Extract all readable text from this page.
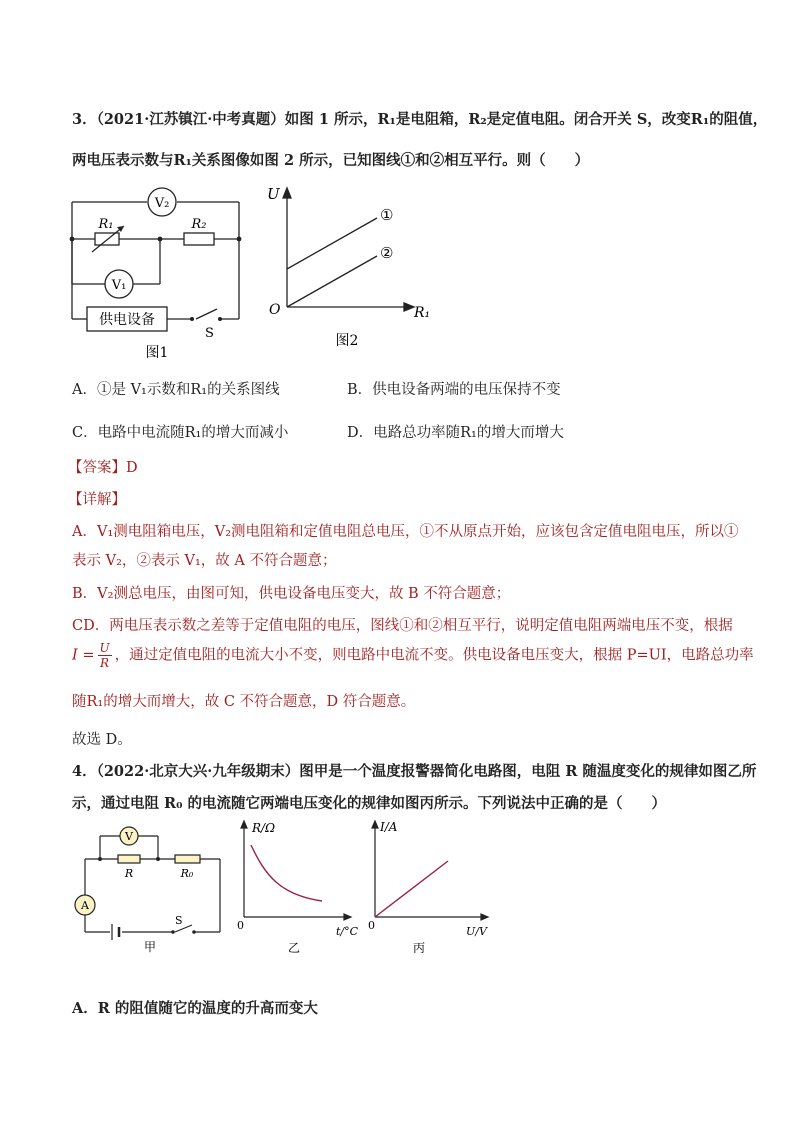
3．（2021·江苏镇江·中考真题）如图 1 所示，R₁是电阻箱，R₂是定值电阻。闭合开关 S，改变R₁的阻值，
两电压表示数与R₁关系图像如图 2 所示，已知图线①和②相互平行。则（　　）
V₂
R₁	R₂
V₁
供电设备
S
图1
U
R₁
O
①
②
图2
A．①是 V₁示数和R₁的关系图线	B．供电设备两端的电压保持不变
C．电路中电流随R₁的增大而减小	D．电路总功率随R₁的增大而增大
【答案】D
【详解】
A．V₁测电阻箱电压，V₂测电阻箱和定值电阻总电压，①不从原点开始，应该包含定值电阻电压，所以①
表示 V₂，②表示 V₁，故 A 不符合题意；
B．V₂测总电压，由图可知，供电设备电压变大，故 B 不符合题意；
CD．两电压表示数之差等于定值电阻的电压，图线①和②相互平行，说明定值电阻两端电压不变，根据
$I = \frac{U}{R}$ ，通过定值电阻的电流大小不变，则电路中电流不变。供电设备电压变大，根据 P=UI，电路总功率
随R₁的增大而增大，故 C 不符合题意，D 符合题意。
故选 D。
4．（2022·北京大兴·九年级期末）图甲是一个温度报警器简化电路图，电阻 R 随温度变化的规律如图乙所
示，通过电阻 R₀ 的电流随它两端电压变化的规律如图丙所示。下列说法中正确的是（　　）
V
R	R₀
A
S
甲
R/Ω
t/°C
0
乙
I/A
U/V
0
丙
A．R 的阻值随它的温度的升高而变大
